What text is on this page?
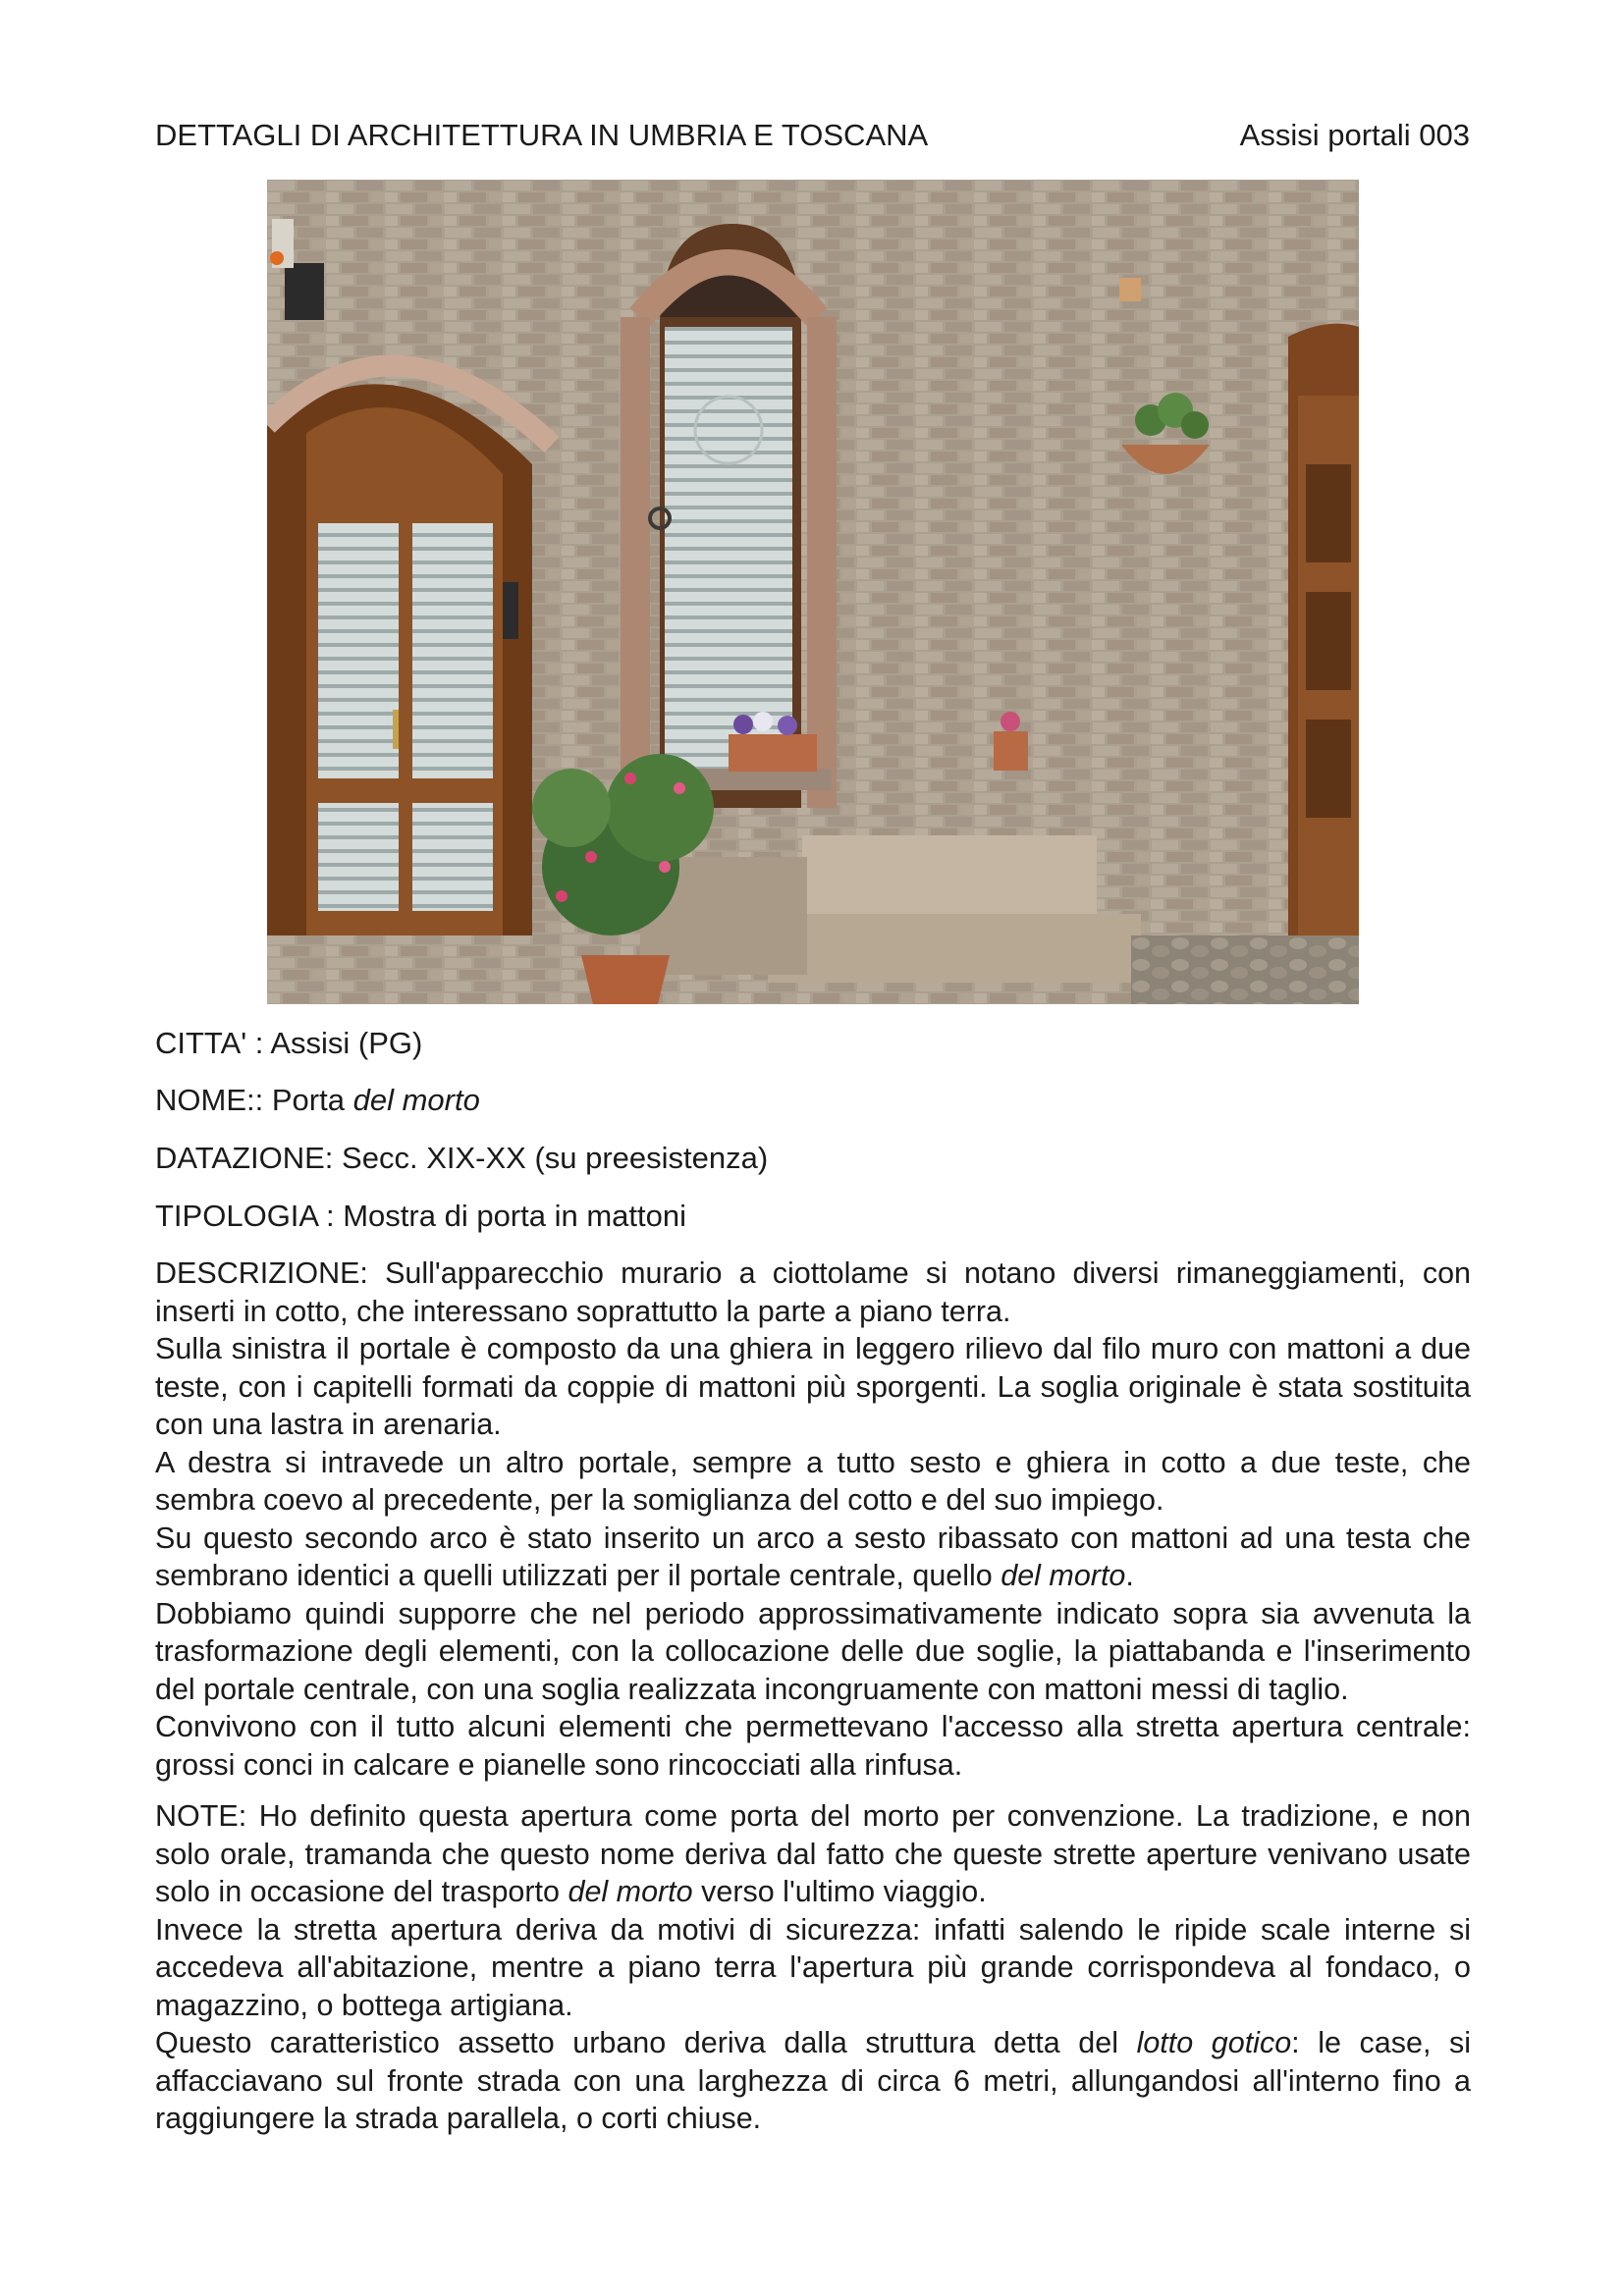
DETTAGLI DI ARCHITETTURA IN UMBRIA E TOSCANA	Assisi portali 003
CITTA' : Assisi (PG)
NOME:: Porta del morto
DATAZIONE: Secc. XIX-XX (su preesistenza)
TIPOLOGIA : Mostra di porta in mattoni

DESCRIZIONE: Sull'apparecchio murario a ciottolame si notano diversi rimaneggiamenti, con inserti in cotto, che interessano soprattutto la parte a piano terra.

Sulla sinistra il portale è composto da una ghiera in leggero rilievo dal filo muro con mattoni a due teste, con i capitelli formati da coppie di mattoni più sporgenti. La soglia originale è stata sostituita con una lastra in arenaria.

A destra si intravede un altro portale, sempre a tutto sesto e ghiera in cotto a due teste, che sembra coevo al precedente, per la somiglianza del cotto e del suo impiego.

Su questo secondo arco è stato inserito un arco a sesto ribassato con mattoni ad una testa che sembrano identici a quelli utilizzati per il portale centrale, quello del morto.

Dobbiamo quindi supporre che nel periodo approssimativamente indicato sopra sia avvenuta la trasformazione degli elementi, con la collocazione delle due soglie, la piattabanda e l'inserimento del portale centrale, con una soglia realizzata incongruamente con mattoni messi di taglio.

Convivono con il tutto alcuni elementi che permettevano l'accesso alla stretta apertura centrale: grossi conci in calcare e pianelle sono rincocciati alla rinfusa.

NOTE: Ho definito questa apertura come porta del morto per convenzione. La tradizione, e non solo orale, tramanda che questo nome deriva dal fatto che queste strette aperture venivano usate solo in occasione del trasporto del morto verso l'ultimo viaggio.

Invece la stretta apertura deriva da motivi di sicurezza: infatti salendo le ripide scale interne si accedeva all'abitazione, mentre a piano terra l'apertura più grande corrispondeva al fondaco, o magazzino, o bottega artigiana.

Questo caratteristico assetto urbano deriva dalla struttura detta del lotto gotico: le case, si affacciavano sul fronte strada con una larghezza di circa 6 metri, allungandosi all'interno fino a raggiungere la strada parallela, o corti chiuse.
